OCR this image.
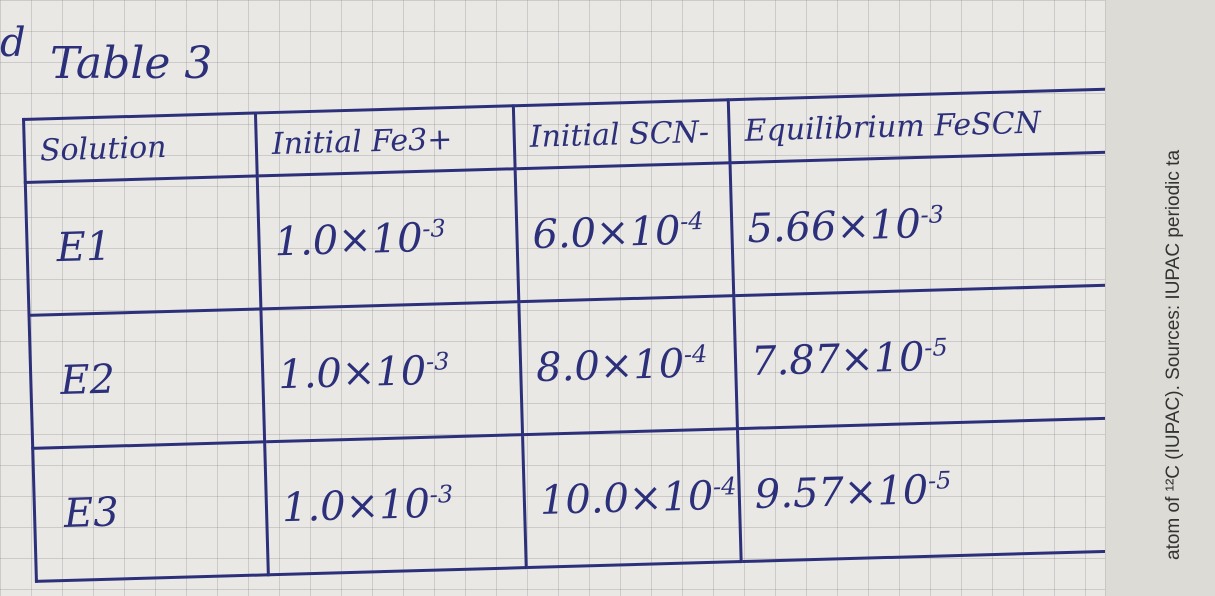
d Table 3
Solution	Initial Fe3+	Initial SCN-	Equilibrium FeSCN
E1	$1.0\times 10^{-3}$	$6.0\times 10^{-4}$	$5.66\times 10^{-3}$
E2	$1.0\times 10^{-3}$	$8.0\times 10^{-4}$	$7.87\times 10^{-5}$
E3	$1.0\times 10^{-3}$	$10.0\times 10^{-4}$	$9.57\times 10^{-5}$	atom of ¹²C (IUPAC). Sources: IUPAC periodic ta
